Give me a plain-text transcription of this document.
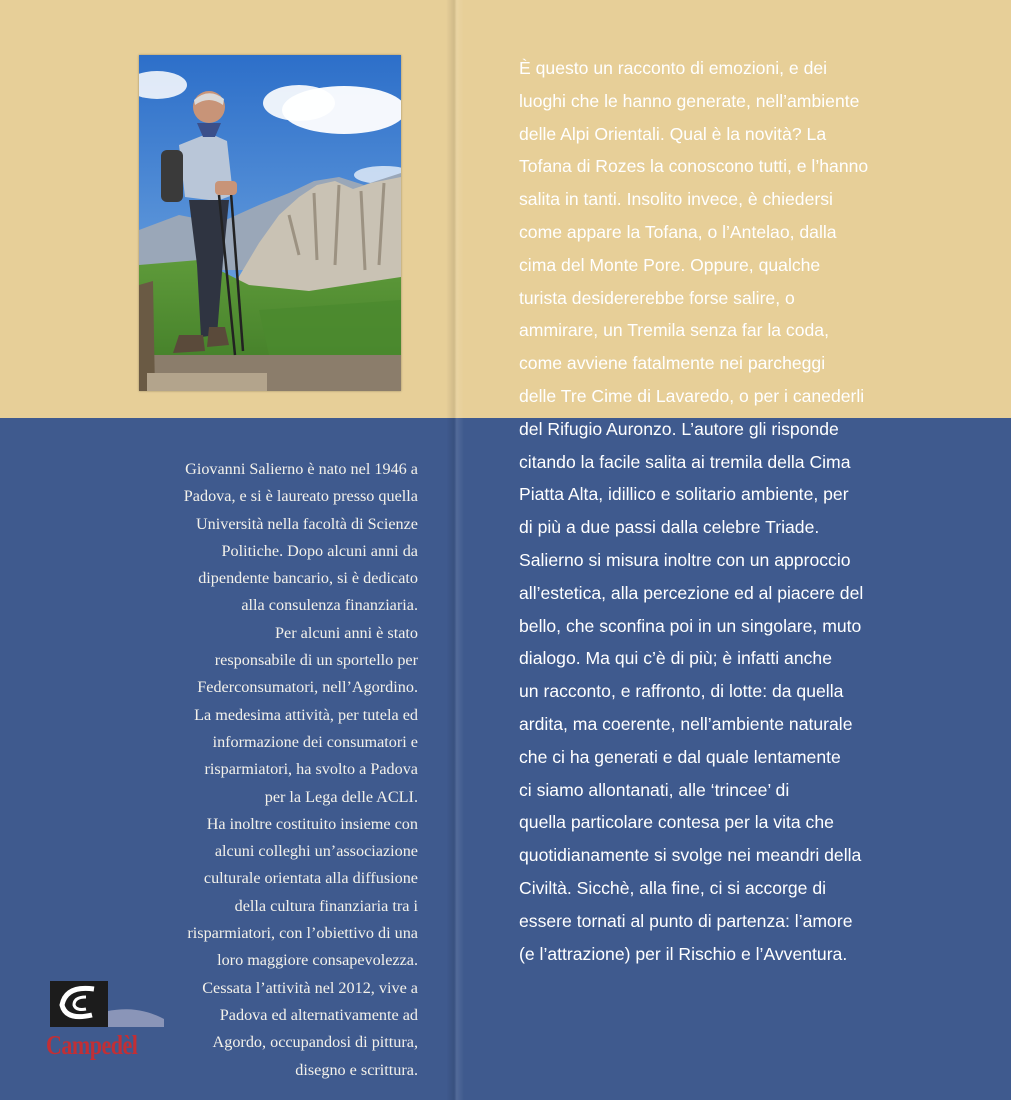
Giovanni Salierno è nato nel 1946 a

Padova, e si è laureato presso quella

Università nella facoltà di Scienze

Politiche. Dopo alcuni anni da

dipendente bancario, si è dedicato

alla consulenza finanziaria.

Per alcuni anni è stato

responsabile di un sportello per

Federconsumatori, nell’Agordino.

La medesima attività, per tutela ed

informazione dei consumatori e

risparmiatori, ha svolto a Padova

per la Lega delle ACLI.

Ha inoltre costituito insieme con

alcuni colleghi un’associazione

culturale orientata alla diffusione

della cultura finanziaria tra i

risparmiatori, con l’obiettivo di una

loro maggiore consapevolezza.

Cessata l’attività nel 2012, vive a

Padova ed alternativamente ad

Agordo, occupandosi di pittura,

disegno e scrittura.

È questo un racconto di emozioni, e dei
luoghi che le hanno generate, nell’ambiente
delle Alpi Orientali. Qual è la novità? La
Tofana di Rozes la conoscono tutti, e l’hanno
salita in tanti. Insolito invece, è chiedersi
come appare la Tofana, o l’Antelao, dalla
cima del Monte Pore. Oppure, qualche
turista desidererebbe forse salire, o
ammirare, un Tremila senza far la coda,
come avviene fatalmente nei parcheggi
delle Tre Cime di Lavaredo, o per i canederli
del Rifugio Auronzo. L’autore gli risponde
citando la facile salita ai tremila della Cima
Piatta Alta, idillico e solitario ambiente, per
di più a due passi dalla celebre Triade.
Salierno si misura inoltre con un approccio
all’estetica, alla percezione ed al piacere del
bello, che sconfina poi in un singolare, muto
dialogo. Ma qui c’è di più; è infatti anche
un racconto, e raffronto, di lotte: da quella
ardita, ma coerente, nell’ambiente naturale
che ci ha generati e dal quale lentamente
ci siamo allontanati, alle ‘trincee’ di
quella particolare contesa per la vita che
quotidianamente si svolge nei meandri della
Civiltà. Sicchè, alla fine, ci si accorge di
essere tornati al punto di partenza: l’amore
(e l’attrazione) per il Rischio e l’Avventura.
Campedèl
